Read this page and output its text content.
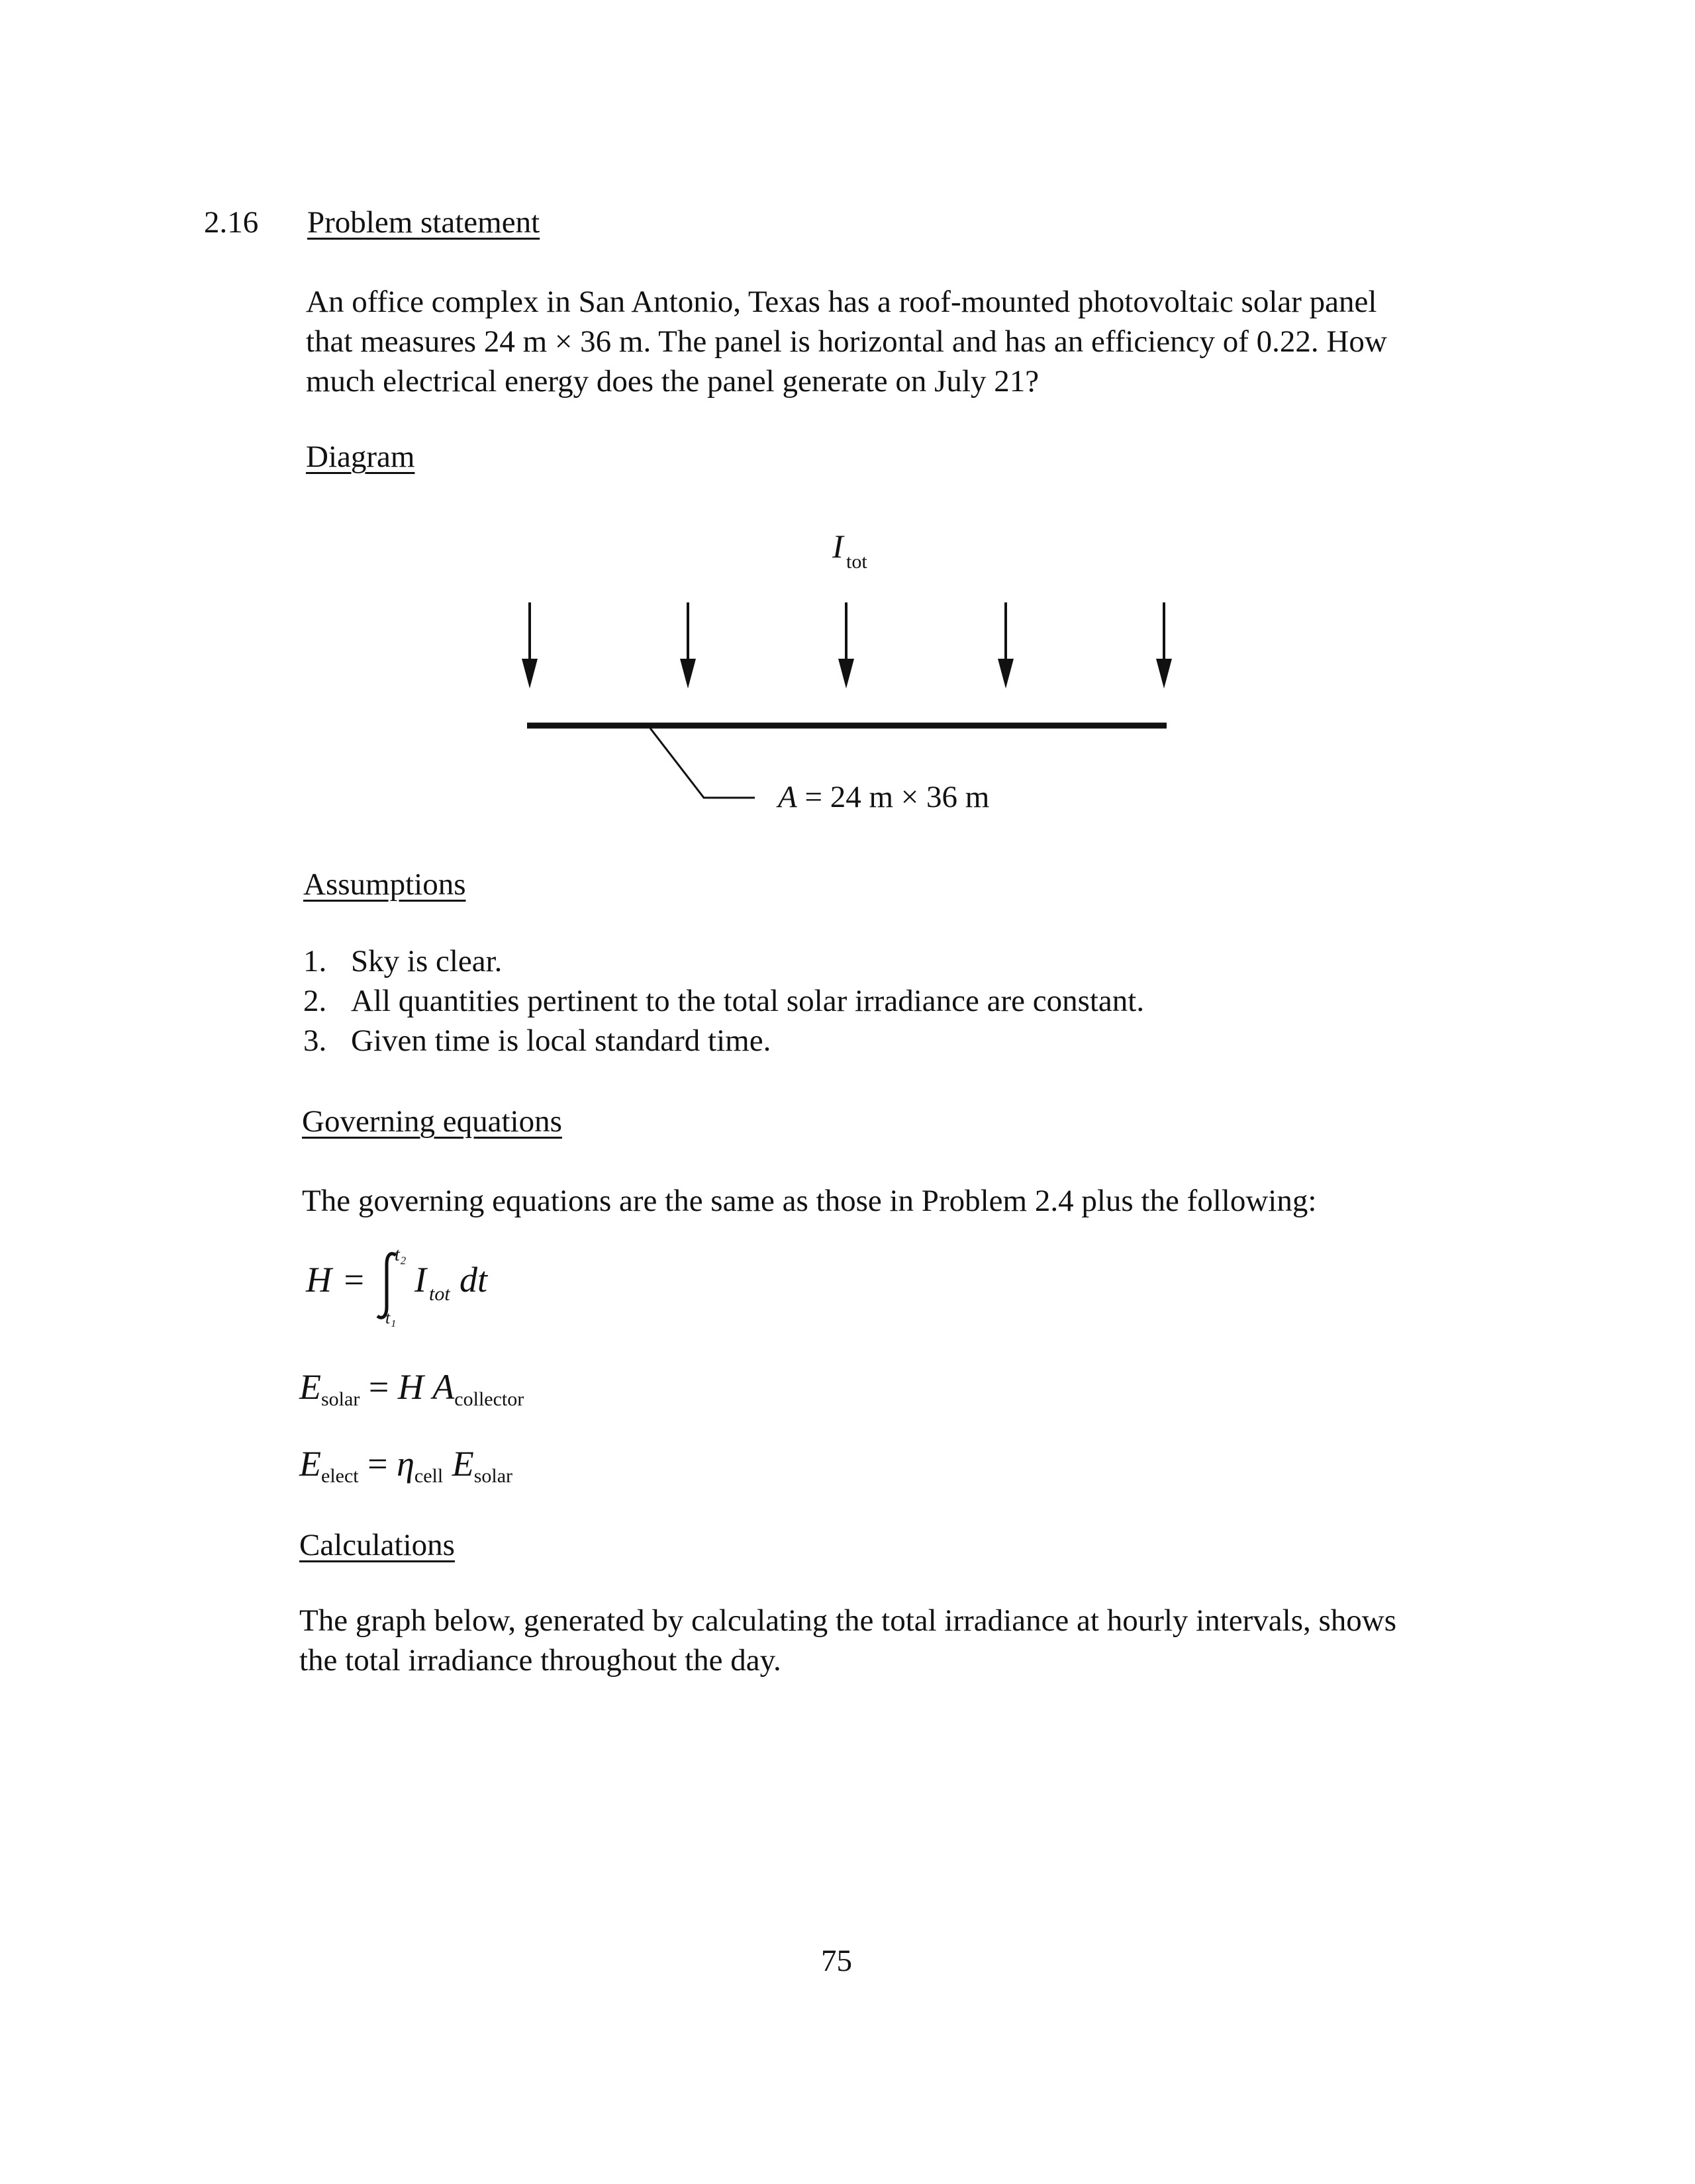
2.16 Problem statement
An office complex in San Antonio, Texas has a roof-mounted photovoltaic solar panel
that measures 24 m × 36 m. The panel is horizontal and has an efficiency of 0.22. How
much electrical energy does the panel generate on July 21?
Diagram
I tot
A = 24 m × 36 m
Assumptions
1. Sky is clear.
2. All quantities pertinent to the total solar irradiance are constant.
3. Given time is local standard time.
Governing equations
The governing equations are the same as those in Problem 2.4 plus the following:
H =
t₂
t₁
I tot dt
$E_{solar} = H$ $A_{collector}$
$E_{elect} = \eta_{cell}$ $E_{solar}$
Calculations
The graph below, generated by calculating the total irradiance at hourly intervals, shows
the total irradiance throughout the day.
75
